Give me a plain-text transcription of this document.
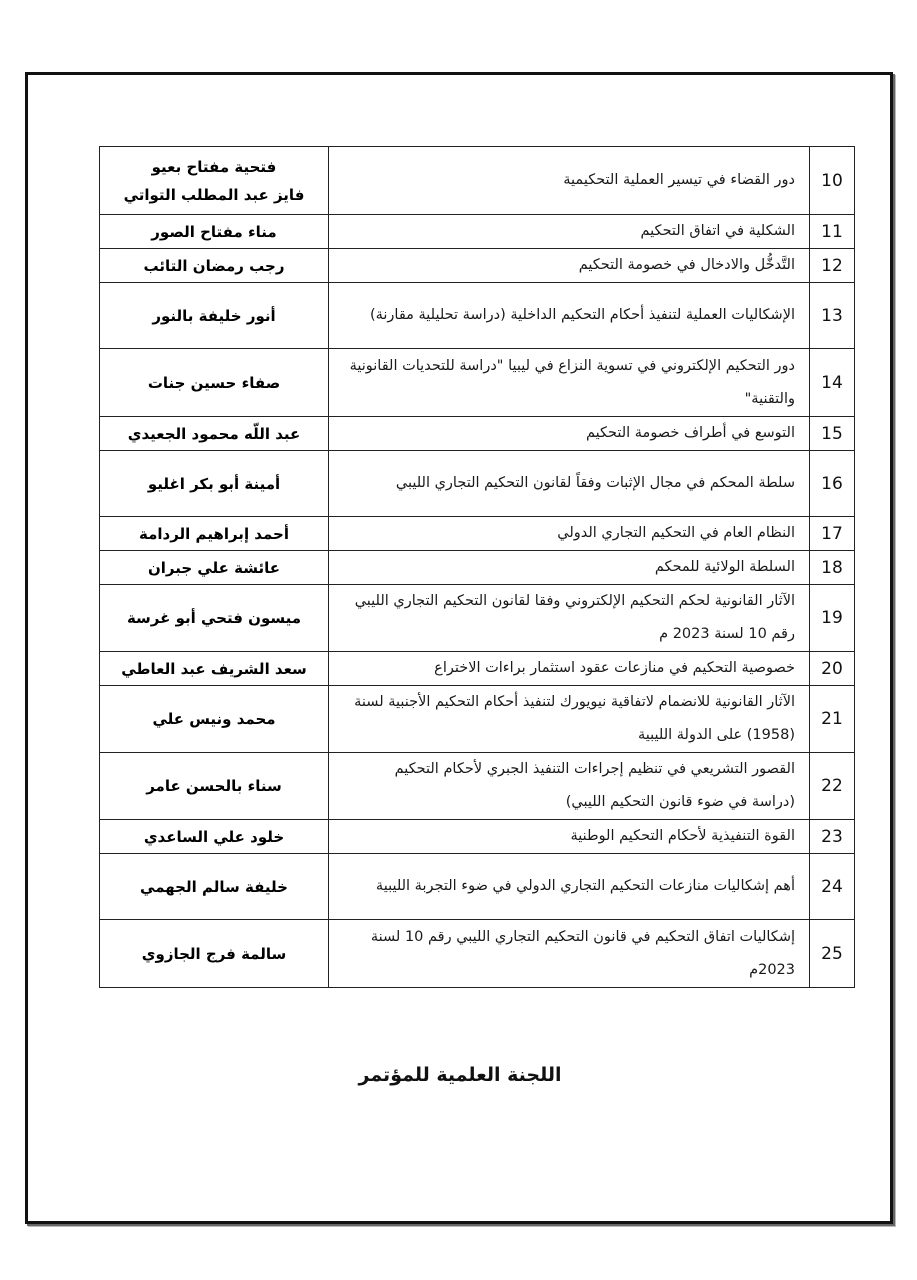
10	دور القضاء في تيسير العملية التحكيمية	فتحية مفتاح بعيو
فايز عبد المطلب التواتي

11	الشكلية في اتفاق التحكيم	مناء مفتاح الصور

12	التَّدخُّل والادخال في خصومة التحكيم	رجب رمضان التائب

13	الإشكاليات العملية لتنفيذ أحكام التحكيم الداخلية (دراسة تحليلية مقارنة)	أنور خليفة بالنور

14	دور التحكيم الإلكتروني في تسوية النزاع في ليبيا "دراسة للتحديات القانونية والتقنية"	صفاء حسين جنات

15	التوسع في أطراف خصومة التحكيم	عبد اللّه محمود الجعيدي

16	سلطة المحكم في مجال الإثبات وفقاً لقانون التحكيم التجاري الليبي	أمينة أبو بكر اغليو

17	النظام العام في التحكيم التجاري الدولي	أحمد إبراهيم الردامة

18	السلطة الولائية للمحكم	عائشة علي جبران

19	الآثار القانونية لحكم التحكيم الإلكتروني وفقا لقانون التحكيم التجاري الليبي رقم 10 لسنة 2023 م	ميسون فتحي أبو غرسة

20	خصوصية التحكيم في منازعات عقود استثمار براءات الاختراع	سعد الشريف عبد العاطي

21	الآثار القانونية للانضمام لاتفاقية نيويورك لتنفيذ أحكام التحكيم الأجنبية لسنة (1958) على الدولة الليبية	محمد ونيس علي

22	القصور التشريعي في تنظيم إجراءات التنفيذ الجبري لأحكام التحكيم (دراسة في ضوء قانون التحكيم الليبي)	سناء بالحسن عامر

23	القوة التنفيذية لأحكام التحكيم الوطنية	خلود علي الساعدي

24	أهم إشكاليات منازعات التحكيم التجاري الدولي في ضوء التجربة الليبية	خليفة سالم الجهمي

25	إشكاليات اتفاق التحكيم في قانون التحكيم التجاري الليبي رقم 10 لسنة 2023م	سالمة فرج الجازوي
اللجنة العلمية للمؤتمر
